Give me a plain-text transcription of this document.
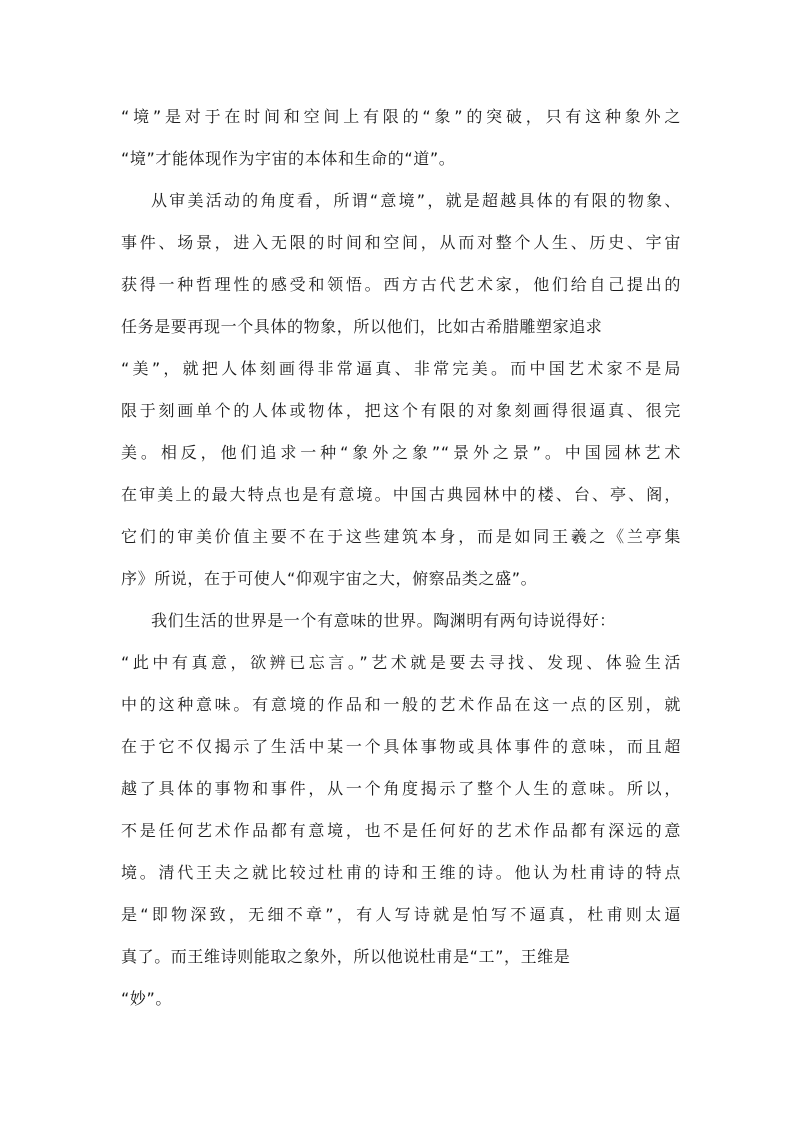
“境”是对于在时间和空间上有限的“象”的突破，只有这种象外之
“境”才能体现作为宇宙的本体和生命的“道”。
从审美活动的角度看，所谓“意境”，就是超越具体的有限的物象、
事件、场景，进入无限的时间和空间，从而对整个人生、历史、宇宙
获得一种哲理性的感受和领悟。西方古代艺术家，他们给自己提出的
任务是要再现一个具体的物象，所以他们，比如古希腊雕塑家追求
“美”，就把人体刻画得非常逼真、非常完美。而中国艺术家不是局
限于刻画单个的人体或物体，把这个有限的对象刻画得很逼真、很完
美。相反，他们追求一种“象外之象”“景外之景”。中国园林艺术
在审美上的最大特点也是有意境。中国古典园林中的楼、台、亭、阁，
它们的审美价值主要不在于这些建筑本身，而是如同王羲之《兰亭集
序》所说，在于可使人“仰观宇宙之大，俯察品类之盛”。
我们生活的世界是一个有意味的世界。陶渊明有两句诗说得好：
“此中有真意，欲辨已忘言。”艺术就是要去寻找、发现、体验生活
中的这种意味。有意境的作品和一般的艺术作品在这一点的区别，就
在于它不仅揭示了生活中某一个具体事物或具体事件的意味，而且超
越了具体的事物和事件，从一个角度揭示了整个人生的意味。所以，
不是任何艺术作品都有意境，也不是任何好的艺术作品都有深远的意
境。清代王夫之就比较过杜甫的诗和王维的诗。他认为杜甫诗的特点
是“即物深致，无细不章”，有人写诗就是怕写不逼真，杜甫则太逼
真了。而王维诗则能取之象外，所以他说杜甫是“工”，王维是
“妙”。
